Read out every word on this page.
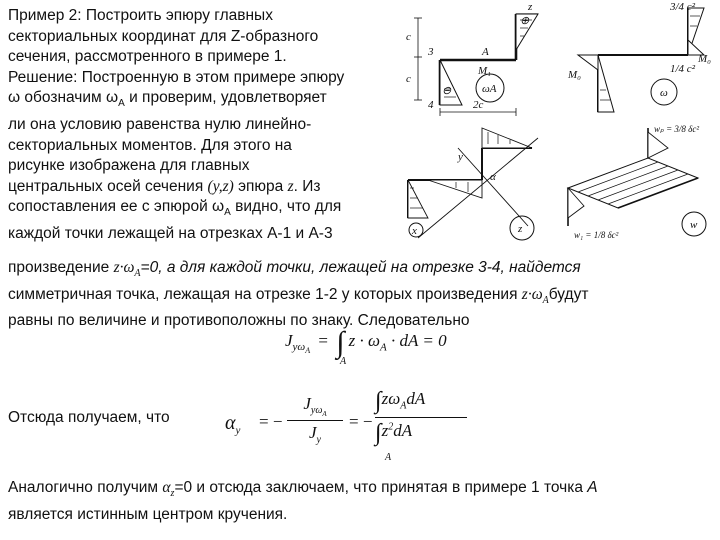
Пример 2: Построить эпюру главных
секториальных координат для Z-образного
сечения, рассмотренного в примере 1.
Решение: Построенную в этом примере эпюру
ω обозначим $\omega_A$ и проверим, удовлетворяет
ли она условию равенства нулю линейно-
секториальных моментов. Для этого на
рисунке изображена для главных
центральных осей сечения (y,z) эпюра z. Из
сопоставления ее с эпюрой $\omega_A$ видно, что для
каждой точки лежащей на отрезках А-1 и А-3
z
c
c
3	A
M₁
4	2c
ωA
M₀
M₀
3/4 c²
1/4 c²
ω
⊕
⊖
y
α
z
x	w
wₚ = 3/8 δc²
w₁ = 1/8 δc²
произведение $z\cdot\omega_A=0$, а для каждой точки, лежащей на отрезке 3-4, найдется
симметричная точка, лежащая на отрезке 1-2 у которых произведения $z\cdot\omega_Aбудут$
равны по величине и противоположны по знаку. Следовательно
$J_{y\omega_A}$ = ∫ $z \cdot \omega_A$ · dA = 0
A
Отсюда получаем, что	$\alpha_y$ = −
$J_{y\omega_A}$
$J_y$
= −
$\int z\omega_AdA$
$\int z^2dA$
A
Аналогично получим $\alpha_z=0$ и отсюда заключаем, что принятая в примере 1 точка А
является истинным центром кручения.
